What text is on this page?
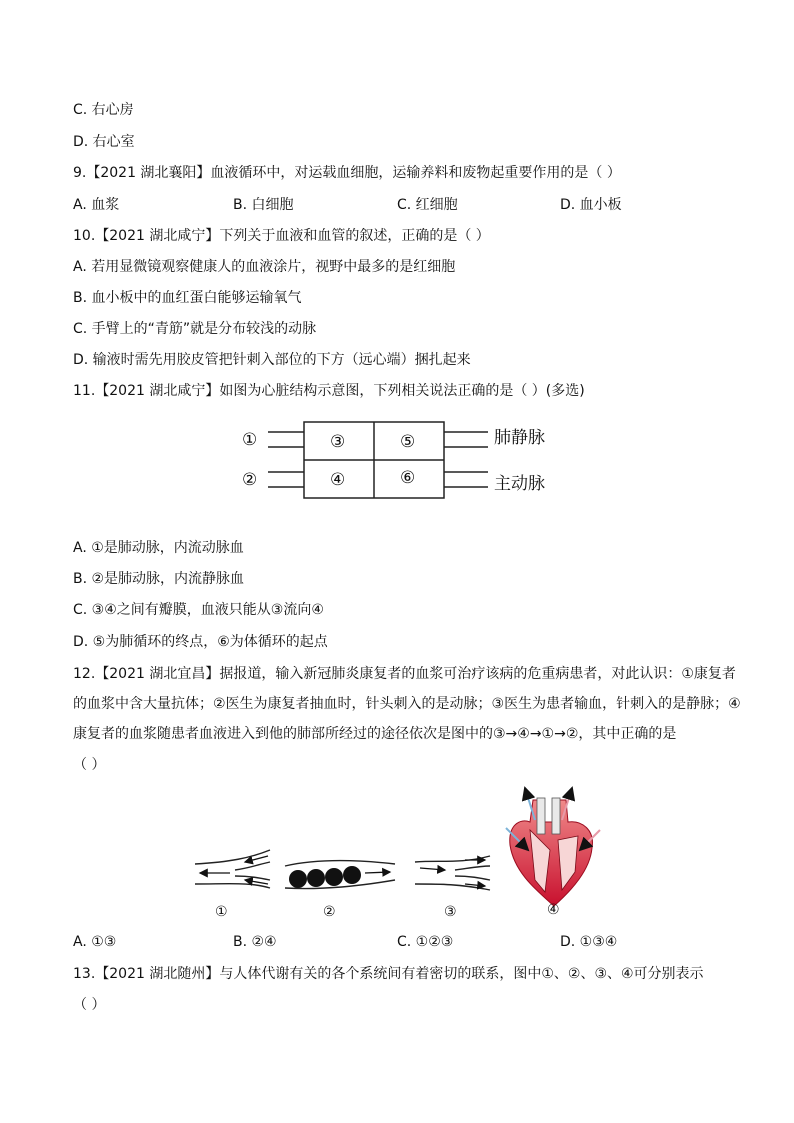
C. 右心房
D. 右心室
9.【2021 湖北襄阳】血液循环中，对运载血细胞，运输养料和废物起重要作用的是（ ）
A. 血浆	B. 白细胞	C. 红细胞	D. 血小板
10.【2021 湖北咸宁】下列关于血液和血管的叙述，正确的是（ ）
A. 若用显微镜观察健康人的血液涂片，视野中最多的是红细胞
B. 血小板中的血红蛋白能够运输氧气
C. 手臂上的“青筋”就是分布较浅的动脉
D. 输液时需先用胶皮管把针刺入部位的下方（远心端）捆扎起来
11.【2021 湖北咸宁】如图为心脏结构示意图，下列相关说法正确的是（ ）(多选)
①
②
③
④
⑤
⑥
肺静脉
主动脉
A. ①是肺动脉，内流动脉血
B. ②是肺动脉，内流静脉血
C. ③④之间有瓣膜，血液只能从③流向④
D. ⑤为肺循环的终点，⑥为体循环的起点
12.【2021 湖北宜昌】据报道，输入新冠肺炎康复者的血浆可治疗该病的危重病患者，对此认识：①康复者
的血浆中含大量抗体；②医生为康复者抽血时，针头刺入的是动脉；③医生为患者输血，针刺入的是静脉；④
康复者的血浆随患者血液进入到他的肺部所经过的途径依次是图中的③→④→①→②，其中正确的是
（ ）
①	②	③	④
A. ①③	B. ②④	C. ①②③	D. ①③④
13.【2021 湖北随州】与人体代谢有关的各个系统间有着密切的联系，图中①、②、③、④可分别表示
（ ）
